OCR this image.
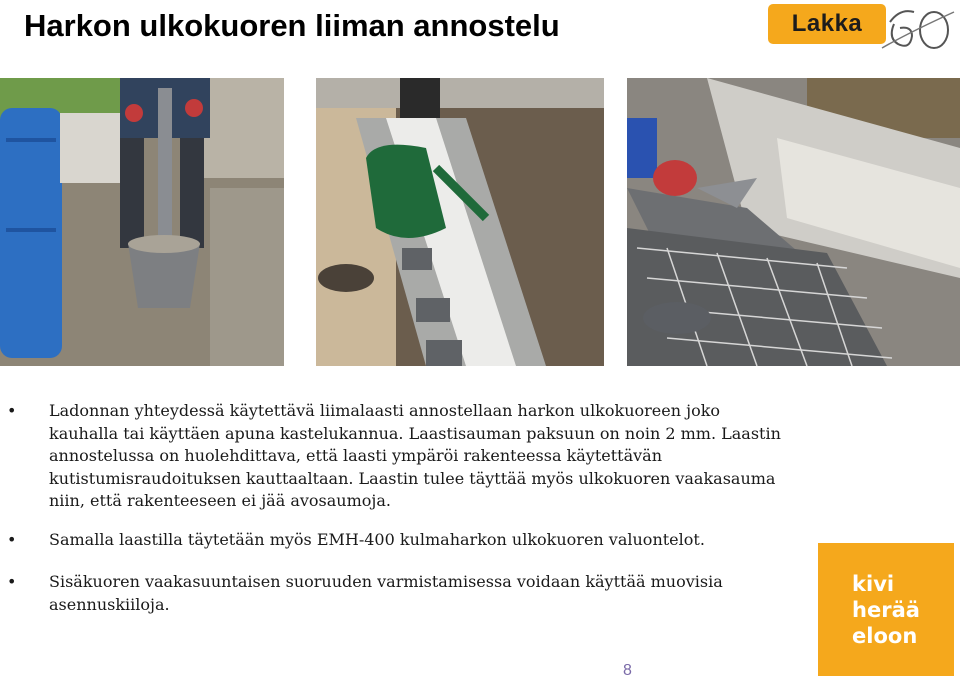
Harkon ulkokuoren liiman annostelu	Lakka
• Ladonnan yhteydessä käytettävä liimalaasti annostellaan harkon ulkokuoreen joko kauhalla tai käyttäen apuna kastelukannua. Laastisauman paksuun on noin 2 mm. Laastin annostelussa on huolehdittava, että laasti ympäröi rakenteessa käytettävän kutistumisraudoituksen kauttaaltaan. Laastin tulee täyttää myös ulkokuoren vaakasauma niin, että rakenteeseen ei jää avosaumoja.
• Samalla laastilla täytetään myös EMH-400 kulmaharkon ulkokuoren valuontelot.
• Sisäkuoren vaakasuuntaisen suoruuden varmistamisessa voidaan käyttää muovisia asennuskiiloja.
kivi
herää
eloon
8
